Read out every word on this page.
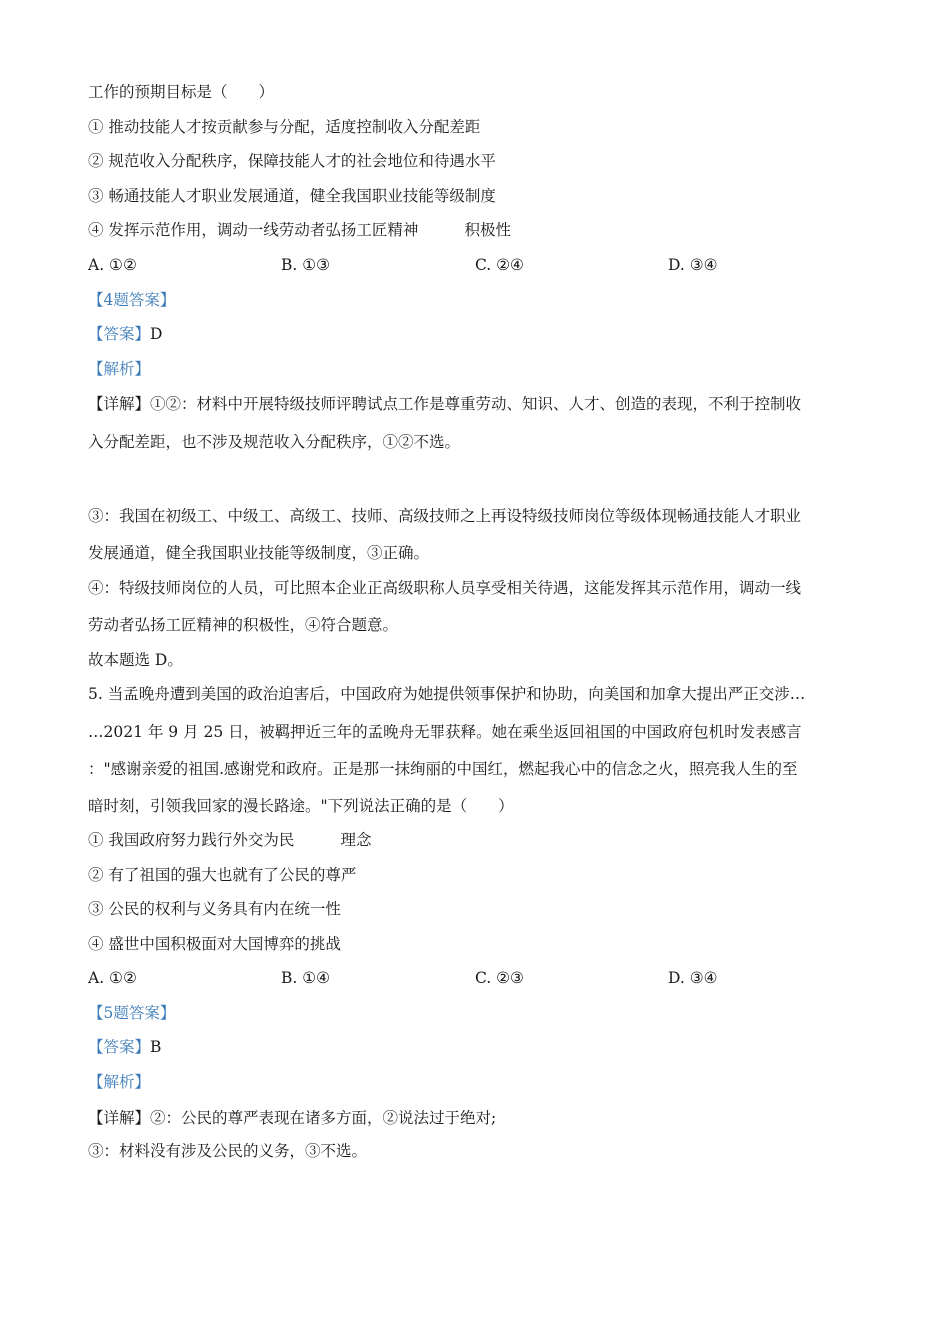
工作的预期目标是（　　）
① 推动技能人才按贡献参与分配，适度控制收入分配差距
② 规范收入分配秩序，保障技能人才的社会地位和待遇水平
③ 畅通技能人才职业发展通道，健全我国职业技能等级制度
④ 发挥示范作用，调动一线劳动者弘扬工匠精神	积极性
A. ①②	B. ①③	C. ②④	D. ③④
【4题答案】
【答案】D
【解析】
【详解】①②：材料中开展特级技师评聘试点工作是尊重劳动、知识、人才、创造的表现，不利于控制收
入分配差距，也不涉及规范收入分配秩序，①②不选。
③：我国在初级工、中级工、高级工、技师、高级技师之上再设特级技师岗位等级体现畅通技能人才职业
发展通道，健全我国职业技能等级制度，③正确。
④：特级技师岗位的人员，可比照本企业正高级职称人员享受相关待遇，这能发挥其示范作用，调动一线
劳动者弘扬工匠精神的积极性，④符合题意。
故本题选 D。
5. 当孟晚舟遭到美国的政治迫害后，中国政府为她提供领事保护和协助，向美国和加拿大提出严正交涉…
…2021 年 9 月 25 日，被羁押近三年的孟晚舟无罪获释。她在乘坐返回祖国的中国政府包机时发表感言
："感谢亲爱的祖国.感谢党和政府。正是那一抹绚丽的中国红，燃起我心中的信念之火，照亮我人生的至
暗时刻，引领我回家的漫长路途。"下列说法正确的是（　　）
① 我国政府努力践行外交为民	理念
② 有了祖国的强大也就有了公民的尊严
③ 公民的权利与义务具有内在统一性
④ 盛世中国积极面对大国博弈的挑战
A. ①②	B. ①④	C. ②③	D. ③④
【5题答案】
【答案】B
【解析】
【详解】②：公民的尊严表现在诸多方面，②说法过于绝对;
③：材料没有涉及公民的义务，③不选。
